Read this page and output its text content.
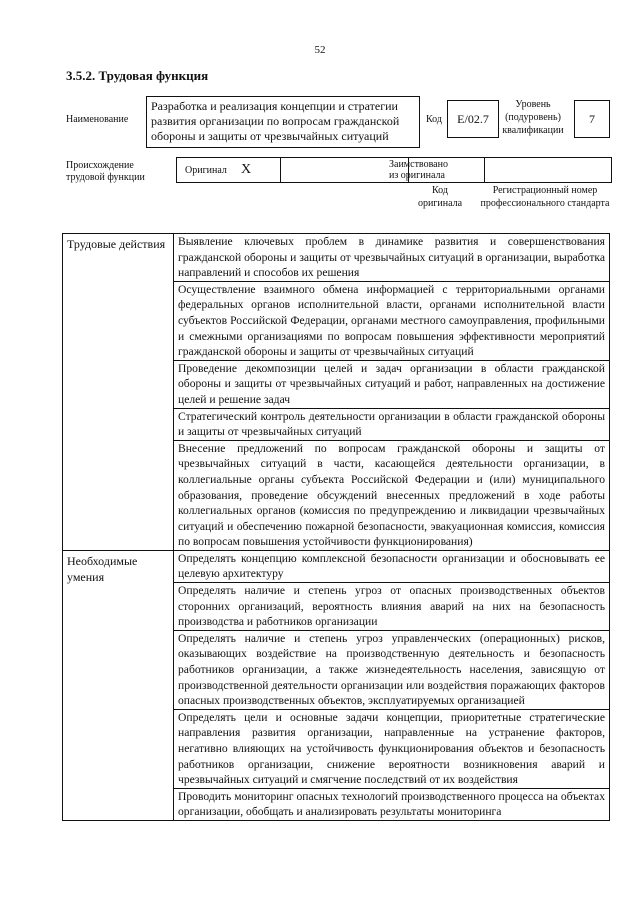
52
3.5.2. Трудовая функция
Наименование
Разработка и реализация концепции и стратегии развития организации по вопросам гражданской обороны и защиты от чрезвычайных ситуаций
Код	E/02.7
Уровень (подуровень) квалификации
7
Происхождение трудовой функции
Оригинал X	Заимствовано из оригинала
Код оригинала
Регистрационный номер профессионального стандарта
Трудовые действия	Выявление ключевых проблем в динамике развития и совершенствования гражданской обороны и защиты от чрезвычайных ситуаций в организации, выработка направлений и способов их решения
	Осуществление взаимного обмена информацией с территориальными органами федеральных органов исполнительной власти, органами исполнительной власти субъектов Российской Федерации, органами местного самоуправления, профильными и смежными организациями по вопросам повышения эффективности мероприятий гражданской обороны и защиты от чрезвычайных ситуаций
	Проведение декомпозиции целей и задач организации в области гражданской обороны и защиты от чрезвычайных ситуаций и работ, направленных на достижение целей и решение задач
	Стратегический контроль деятельности организации в области гражданской обороны и защиты от чрезвычайных ситуаций
	Внесение предложений по вопросам гражданской обороны и защиты от чрезвычайных ситуаций в части, касающейся деятельности организации, в коллегиальные органы субъекта Российской Федерации и (или) муниципального образования, проведение обсуждений внесенных предложений в ходе работы коллегиальных органов (комиссия по предупреждению и ликвидации чрезвычайных ситуаций и обеспечению пожарной безопасности, эвакуационная комиссия, комиссия по вопросам повышения устойчивости функционирования)
Необходимые умения	Определять концепцию комплексной безопасности организации и обосновывать ее целевую архитектуру
	Определять наличие и степень угроз от опасных производственных объектов сторонних организаций, вероятность влияния аварий на них на безопасность производства и работников организации
	Определять наличие и степень угроз управленческих (операционных) рисков, оказывающих воздействие на производственную деятельность и безопасность работников организации, а также жизнедеятельность населения, зависящую от производственной деятельности организации или воздействия поражающих факторов опасных производственных объектов, эксплуатируемых организацией
	Определять цели и основные задачи концепции, приоритетные стратегические направления развития организации, направленные на устранение факторов, негативно влияющих на устойчивость функционирования объектов и безопасность работников организации, снижение вероятности возникновения аварий и чрезвычайных ситуаций и смягчение последствий от их воздействия
	Проводить мониторинг опасных технологий производственного процесса на объектах организации, обобщать и анализировать результаты мониторинга
